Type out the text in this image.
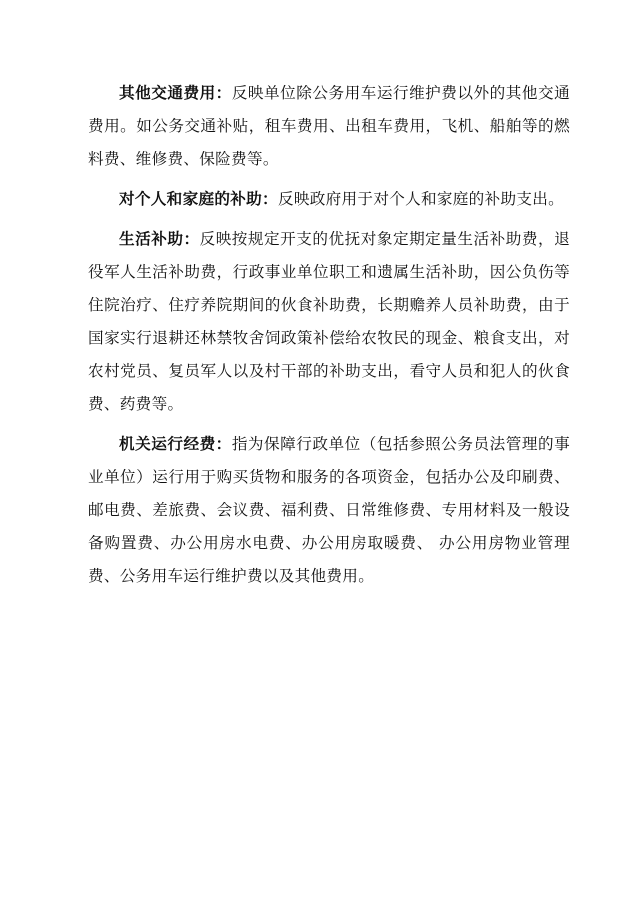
其他交通费用：反映单位除公务用车运行维护费以外的其他交通费用。如公务交通补贴，租车费用、出租车费用，飞机、船舶等的燃料费、维修费、保险费等。

对个人和家庭的补助：反映政府用于对个人和家庭的补助支出。

生活补助：反映按规定开支的优抚对象定期定量生活补助费，退役军人生活补助费，行政事业单位职工和遗属生活补助，因公负伤等住院治疗、住疗养院期间的伙食补助费，长期赡养人员补助费，由于国家实行退耕还林禁牧舍饲政策补偿给农牧民的现金、粮食支出，对农村党员、复员军人以及村干部的补助支出，看守人员和犯人的伙食费、药费等。

机关运行经费：指为保障行政单位（包括参照公务员法管理的事业单位）运行用于购买货物和服务的各项资金，包括办公及印刷费、邮电费、差旅费、会议费、福利费、日常维修费、专用材料及一般设备购置费、办公用房水电费、办公用房取暖费、 办公用房物业管理费、公务用车运行维护费以及其他费用。
